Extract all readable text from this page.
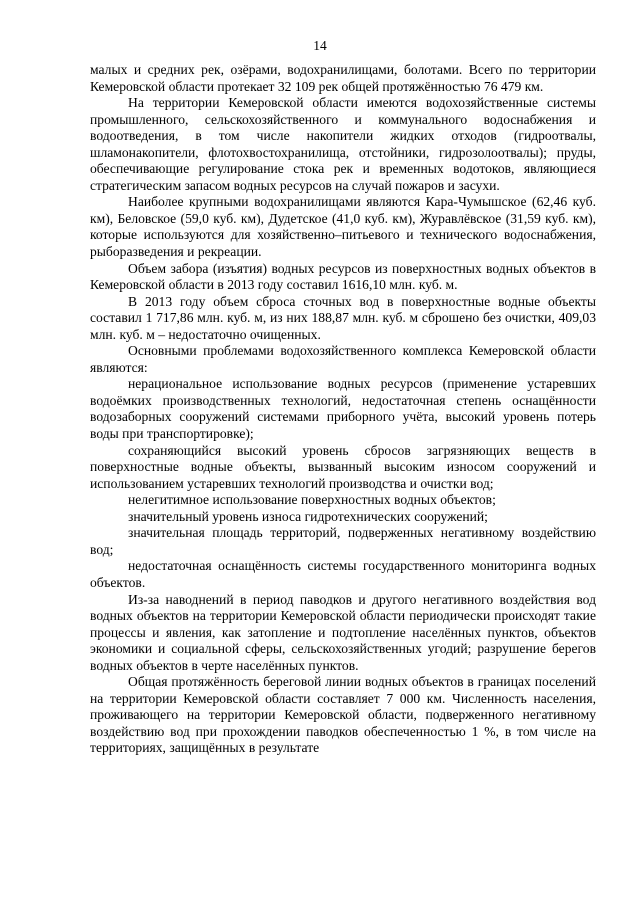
14

малых и средних рек, озёрами, водохранилищами, болотами. Всего по территории Кемеровской области протекает 32 109 рек общей протяжённостью 76 479 км.

На территории Кемеровской области имеются водохозяйственные системы промышленного, сельскохозяйственного и коммунального водоснабжения и водоотведения, в том числе накопители жидких отходов (гидроотвалы, шламонакопители, флотохвостохранилища, отстойники, гидрозолоотвалы); пруды, обеспечивающие регулирование стока рек и временных водотоков, являющиеся стратегическим запасом водных ресурсов на случай пожаров и засухи.

Наиболее крупными водохранилищами являются Кара-Чумышское (62,46 куб. км), Беловское (59,0 куб. км), Дудетское (41,0 куб. км), Журавлёвское (31,59 куб. км), которые используются для хозяйственно–питьевого и технического водоснабжения, рыборазведения и рекреации.

Объем забора (изъятия) водных ресурсов из поверхностных водных объектов в Кемеровской области в 2013 году составил 1616,10 млн. куб. м.

В 2013 году объем сброса сточных вод в поверхностные водные объекты составил 1 717,86 млн. куб. м, из них 188,87 млн. куб. м сброшено без очистки, 409,03 млн. куб. м – недостаточно очищенных.

Основными проблемами водохозяйственного комплекса Кемеровской области являются:

нерациональное использование водных ресурсов (применение устаревших водоёмких производственных технологий, недостаточная степень оснащённости водозаборных сооружений системами приборного учёта, высокий уровень потерь воды при транспортировке);

сохраняющийся высокий уровень сбросов загрязняющих веществ в поверхностные водные объекты, вызванный высоким износом сооружений и использованием устаревших технологий производства и очистки вод;

нелегитимное использование поверхностных водных объектов;

значительный уровень износа гидротехнических сооружений;

значительная площадь территорий, подверженных негативному воздействию вод;

недостаточная оснащённость системы государственного мониторинга водных объектов.

Из-за наводнений в период паводков и другого негативного воздействия вод водных объектов на территории Кемеровской области периодически происходят такие процессы и явления, как затопление и подтопление населённых пунктов, объектов экономики и социальной сферы, сельскохозяйственных угодий; разрушение берегов водных объектов в черте населённых пунктов.

Общая протяжённость береговой линии водных объектов в границах поселений на территории Кемеровской области составляет 7 000 км. Численность населения, проживающего на территории Кемеровской области, подверженного негативному воздействию вод при прохождении паводков обеспеченностью 1 %, в том числе на территориях, защищённых в результате
